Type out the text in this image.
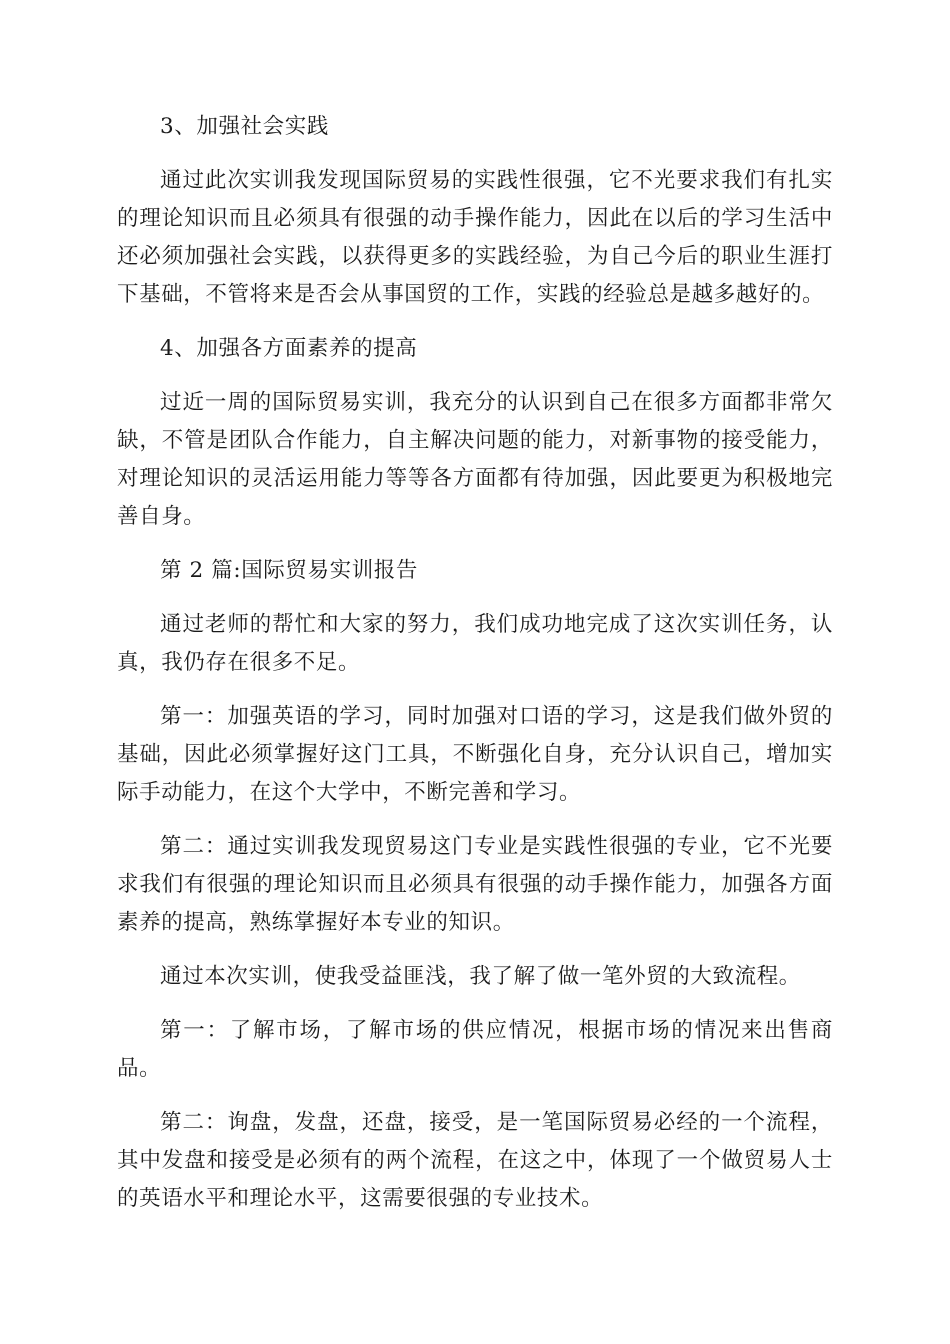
3、加强社会实践

通过此次实训我发现国际贸易的实践性很强，它不光要求我们有扎实的理论知识而且必须具有很强的动手操作能力，因此在以后的学习生活中还必须加强社会实践，以获得更多的实践经验，为自己今后的职业生涯打下基础，不管将来是否会从事国贸的工作，实践的经验总是越多越好的。

4、加强各方面素养的提高

过近一周的国际贸易实训，我充分的认识到自己在很多方面都非常欠缺，不管是团队合作能力，自主解决问题的能力，对新事物的接受能力，对理论知识的灵活运用能力等等各方面都有待加强，因此要更为积极地完善自身。

第 2 篇:国际贸易实训报告

通过老师的帮忙和大家的努力，我们成功地完成了这次实训任务，认真，我仍存在很多不足。

第一：加强英语的学习，同时加强对口语的学习，这是我们做外贸的基础，因此必须掌握好这门工具，不断强化自身，充分认识自己，增加实际手动能力，在这个大学中，不断完善和学习。

第二：通过实训我发现贸易这门专业是实践性很强的专业，它不光要求我们有很强的理论知识而且必须具有很强的动手操作能力，加强各方面素养的提高，熟练掌握好本专业的知识。

通过本次实训，使我受益匪浅，我了解了做一笔外贸的大致流程。

第一：了解市场，了解市场的供应情况，根据市场的情况来出售商品。

第二：询盘，发盘，还盘，接受，是一笔国际贸易必经的一个流程，其中发盘和接受是必须有的两个流程，在这之中，体现了一个做贸易人士的英语水平和理论水平，这需要很强的专业技术。
